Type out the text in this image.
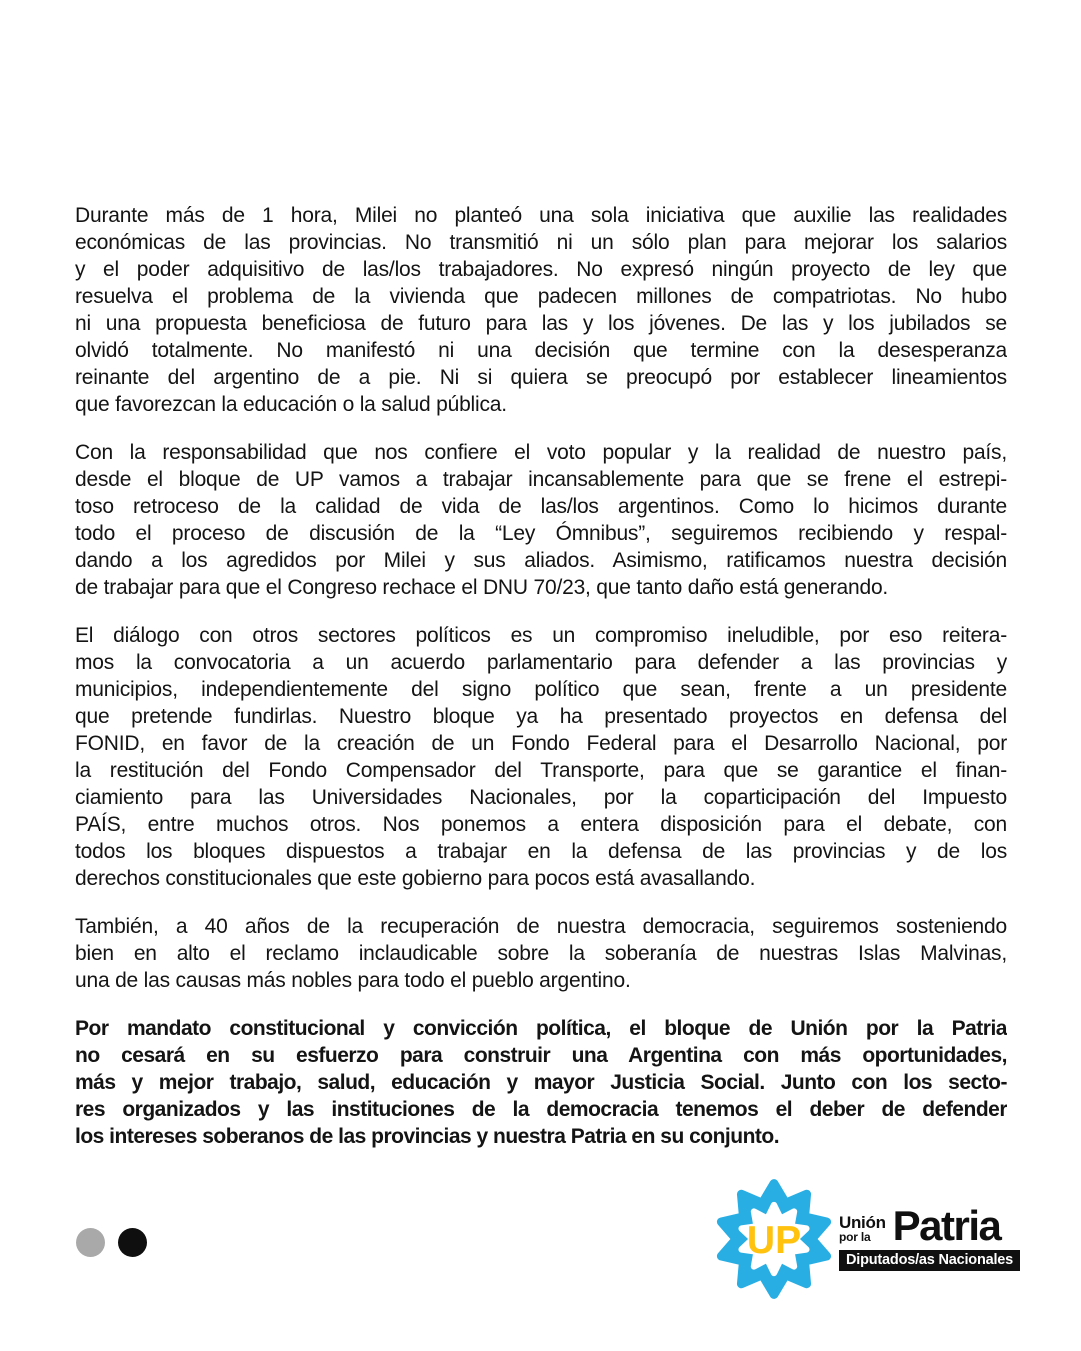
Durante más de 1 hora, Milei no planteó una sola iniciativa que auxilie las realidades
económicas de las provincias. No transmitió ni un sólo plan para mejorar los salarios
y el poder adquisitivo de las/los trabajadores. No expresó ningún proyecto de ley que
resuelva el problema de la vivienda que padecen millones de compatriotas. No hubo
ni una propuesta beneficiosa de futuro para las y los jóvenes. De las y los jubilados se
olvidó totalmente. No manifestó ni una decisión que termine con la desesperanza
reinante del argentino de a pie. Ni si quiera se preocupó por establecer lineamientos
que favorezcan la educación o la salud pública.
Con la responsabilidad que nos confiere el voto popular y la realidad de nuestro país,
desde el bloque de UP vamos a trabajar incansablemente para que se frene el estrepi-
toso retroceso de la calidad de vida de las/los argentinos. Como lo hicimos durante
todo el proceso de discusión de la “Ley Ómnibus”, seguiremos recibiendo y respal-
dando a los agredidos por Milei y sus aliados. Asimismo, ratificamos nuestra decisión
de trabajar para que el Congreso rechace el DNU 70/23, que tanto daño está generando.
El diálogo con otros sectores políticos es un compromiso ineludible, por eso reitera-
mos la convocatoria a un acuerdo parlamentario para defender a las provincias y
municipios, independientemente del signo político que sean, frente a un presidente
que pretende fundirlas. Nuestro bloque ya ha presentado proyectos en defensa del
FONID, en favor de la creación de un Fondo Federal para el Desarrollo Nacional, por
la restitución del Fondo Compensador del Transporte, para que se garantice el finan-
ciamiento para las Universidades Nacionales, por la coparticipación del Impuesto
PAÍS, entre muchos otros. Nos ponemos a entera disposición para el debate, con
todos los bloques dispuestos a trabajar en la defensa de las provincias y de los
derechos constitucionales que este gobierno para pocos está avasallando.
También, a 40 años de la recuperación de nuestra democracia, seguiremos sosteniendo
bien en alto el reclamo inclaudicable sobre la soberanía de nuestras Islas Malvinas,
una de las causas más nobles para todo el pueblo argentino.
Por mandato constitucional y convicción política, el bloque de Unión por la Patria
no cesará en su esfuerzo para construir una Argentina con más oportunidades,
más y mejor trabajo, salud, educación y mayor Justicia Social. Junto con los secto-
res organizados y las instituciones de la democracia tenemos el deber de defender
los intereses soberanos de las provincias y nuestra Patria en su conjunto.
UP Unión
por la Patria
Diputados/as Nacionales
